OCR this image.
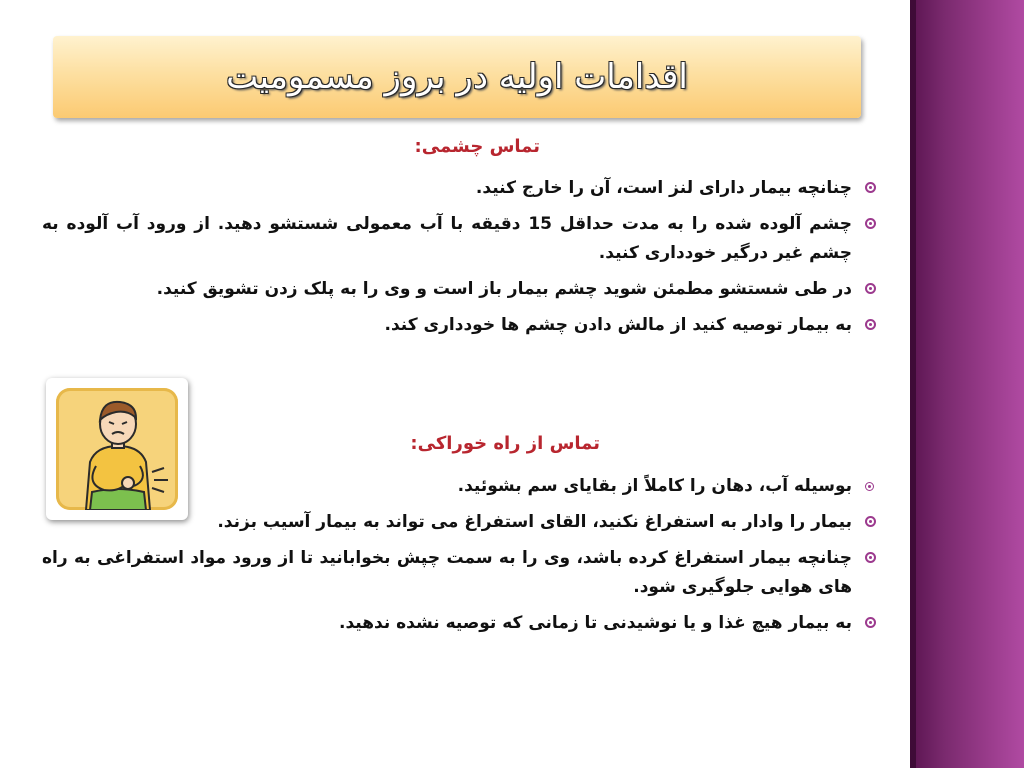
اقدامات اولیه در بروز مسمومیت
تماس چشمی:
چنانچه بیمار دارای لنز است، آن را خارج کنید.
چشم آلوده شده را به مدت حداقل 15 دقیقه با آب معمولی شستشو دهید. از ورود آب آلوده به چشم غیر درگیر خودداری کنید.
در طی شستشو مطمئن شوید چشم بیمار باز است و وی را به پلک زدن تشویق کنید.
به بیمار توصیه کنید از مالش دادن چشم ها خودداری کند.
تماس از راه خوراکی:
بوسیله آب، دهان را کاملاً از بقایای سم بشوئید.
بیمار را وادار به استفراغ نکنید، القای استفراغ می تواند به بیمار آسیب بزند.
چنانچه بیمار استفراغ کرده باشد، وی را به سمت چپش بخوابانید تا از ورود مواد استفراغی به راه های هوایی جلوگیری شود.
به بیمار هیچ غذا و یا نوشیدنی تا زمانی که توصیه نشده ندهید.
